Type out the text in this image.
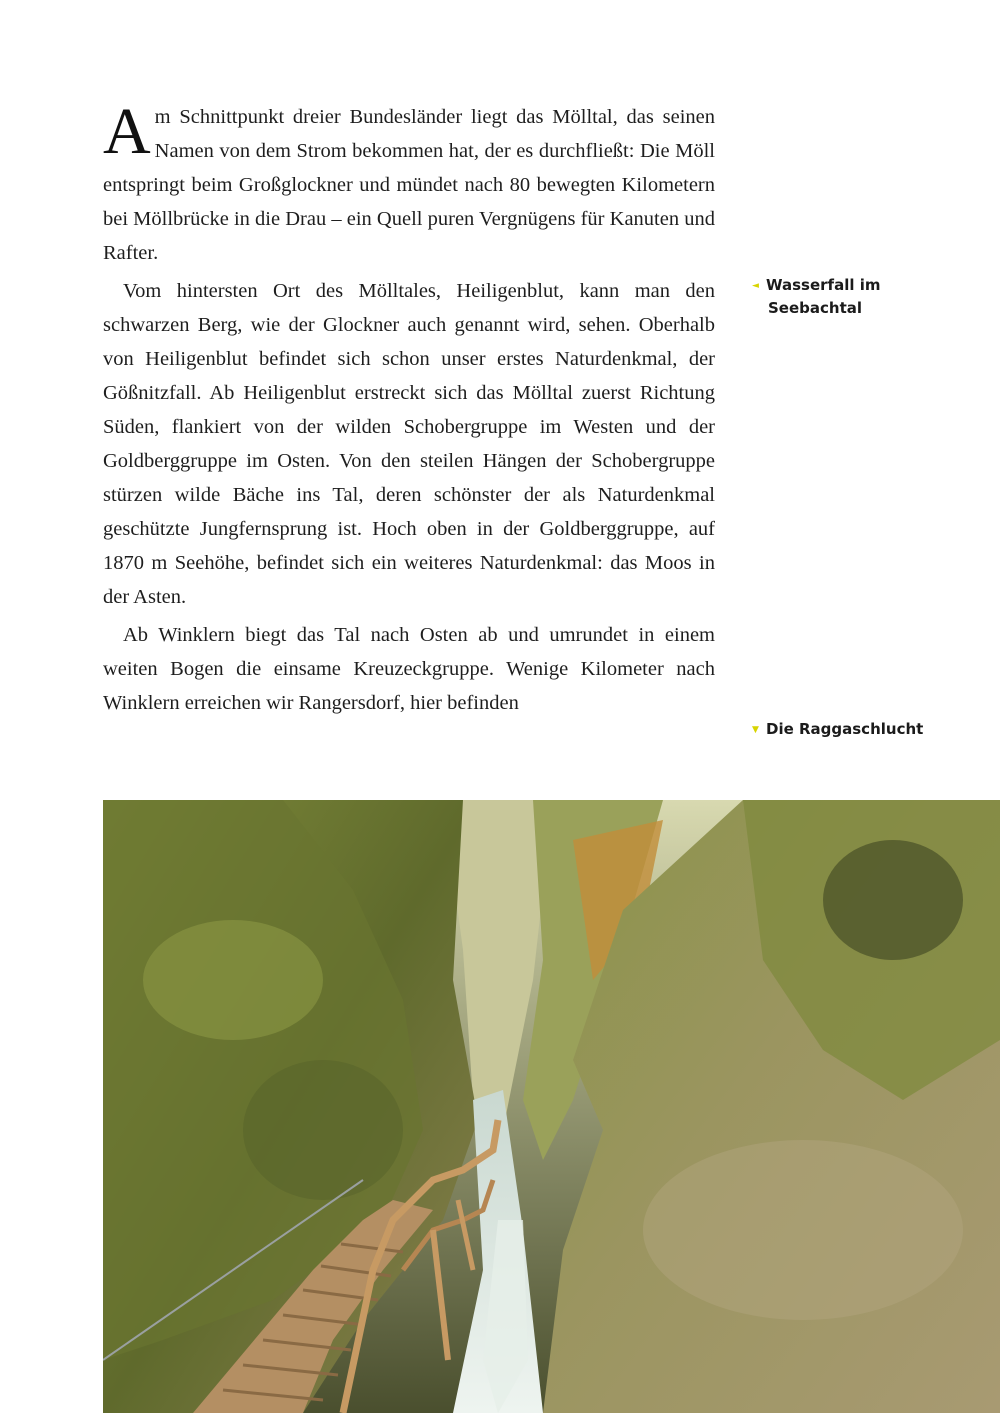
Am Schnittpunkt dreier Bundesländer liegt das Mölltal, das seinen Namen von dem Strom bekommen hat, der es durchfließt: Die Möll entspringt beim Großglockner und mündet nach 80 bewegten Kilometern bei Möllbrücke in die Drau – ein Quell puren Vergnügens für Kanuten und Rafter.

Vom hintersten Ort des Mölltales, Heiligenblut, kann man den schwarzen Berg, wie der Glockner auch genannt wird, sehen. Oberhalb von Heiligenblut befindet sich schon unser erstes Naturdenkmal, der Gößnitzfall. Ab Heiligenblut erstreckt sich das Mölltal zuerst Richtung Süden, flankiert von der wilden Schobergruppe im Westen und der Goldberggruppe im Osten. Von den steilen Hängen der Schobergruppe stürzen wilde Bäche ins Tal, deren schönster der als Naturdenkmal geschützte Jungfernsprung ist. Hoch oben in der Goldberggruppe, auf 1870 m Seehöhe, befindet sich ein weiteres Naturdenkmal: das Moos in der Asten.

Ab Winklern biegt das Tal nach Osten ab und umrundet in einem weiten Bogen die einsame Kreuzeckgruppe. Wenige Kilometer nach Winklern erreichen wir Rangersdorf, hier befinden

◄ Wasserfall im
Seebachtal
▼ Die Raggaschlucht
